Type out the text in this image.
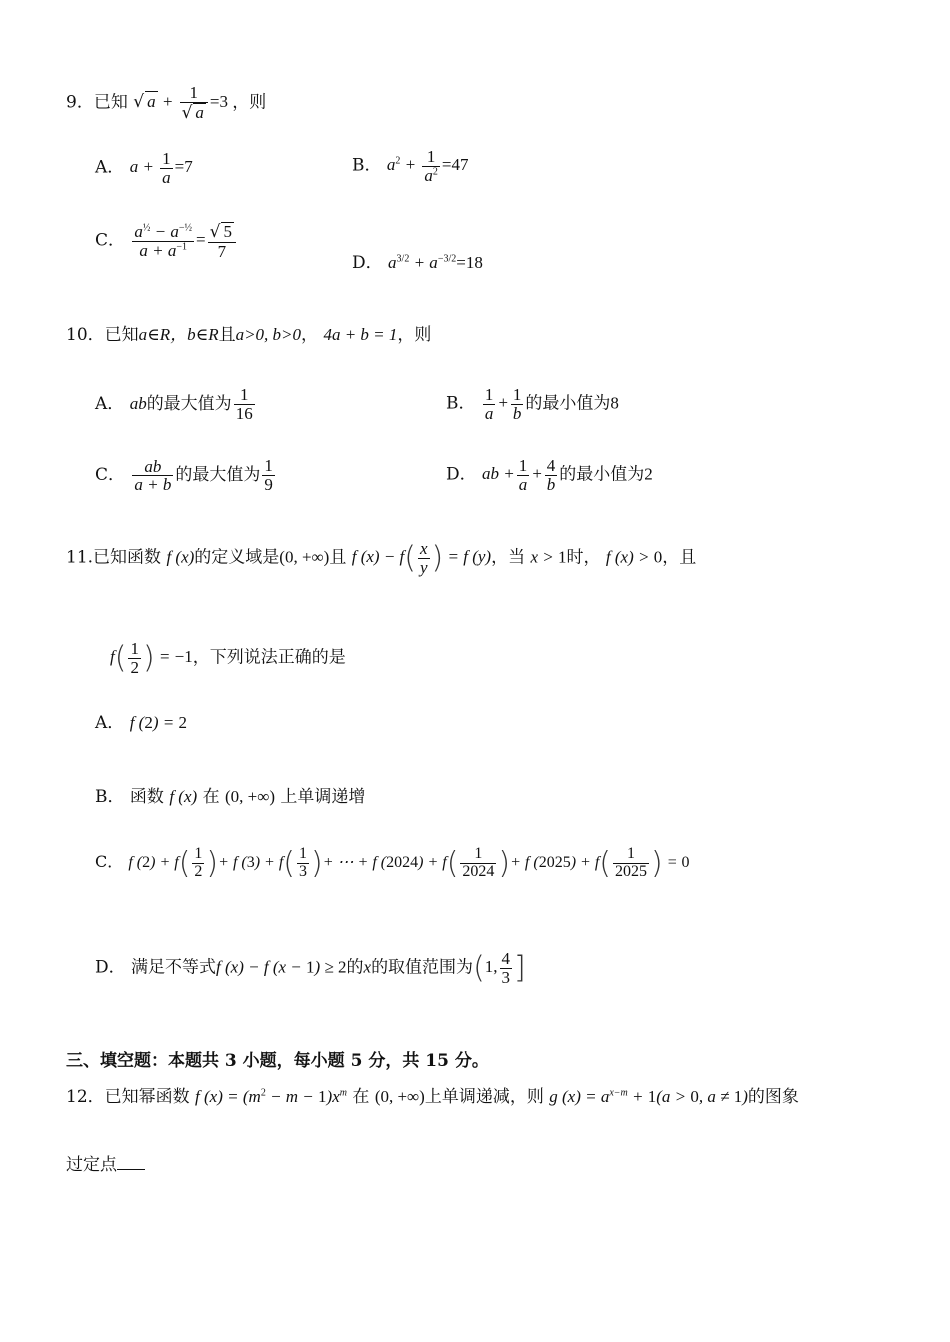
9．已知 √ $a + \frac{1}{√ a} =3$ ，则
A． $a + \frac{1}{a} =7$	B． $a^2 + \frac{1}{a^2} =47$
C． $\frac{a^{\frac{1}{2}} - a^{-\frac{1}{2}}}{a + a^{-1}} = \frac{√ 5}{7}$
D． $a^{3/2} + a^{-3/2}=18$
10．已知a∈R，b∈R且a>0, b>0， 4a + b = 1，则
A． ab的最大值为 $\frac{1}{16}$	B． $\frac{1}{a} + \frac{1}{b}$ 的最小值为8
C． $\frac{ab}{a + b}$ 的最大值为 $\frac{1}{9}$	D． ab + $\frac{1}{a} + \frac{4}{b}$ 的最小值为2
11.已知函数 f (x)的定义域是(0, +∞)且 f $(x) - f( \frac{x}{y}$ ) = f (y)，当 x > 1时， f (x) > 0，且
$f( \frac{1}{2}$ ) = −1，下列说法正确的是
A． f (2) = 2
B． 函数 f (x) 在 (0, +∞) 上单调递增
C． f $(2) + f( \frac{1}{2}$ )+ f $(3) + f( \frac{1}{3}$ )+ ⋯ + f $(2024) + f( \frac{1}{2024}$ )+ f $(2025) + f( \frac{1}{2025}$ ) = 0
D． 满足不等式f (x) − f (x − 1) ≥ 2的x的取值范围为(1, $\frac{4}{3}$ ]
三、填空题：本题共 3 小题，每小题 5 分，共 15 分。
12．已知幂函数 f $(x) = (m^2 - m - 1)x^m$ 在 (0, +∞)上单调递减，则 g $(x) = a^{x-m} + 1(a > 0$, a ≠ 1)的图象
过定点
